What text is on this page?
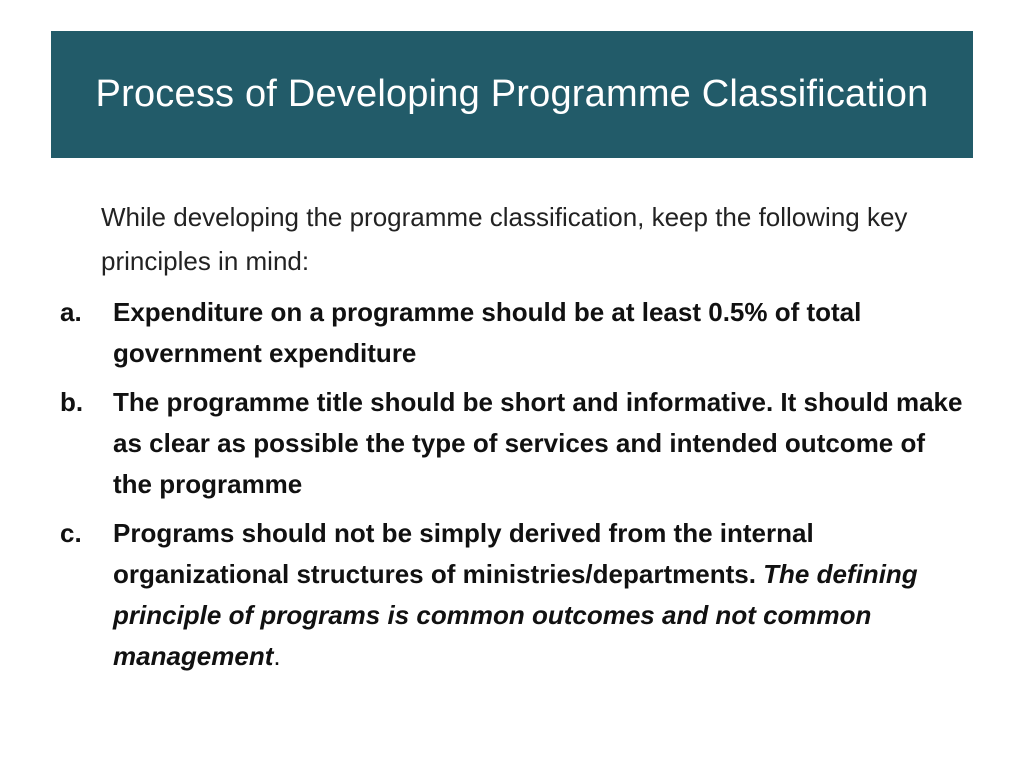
Process of Developing Programme Classification
While developing the programme classification, keep the following key principles in mind:
a.	Expenditure on a programme should be at least 0.5% of total government expenditure
b.	The programme title should be short and informative. It should make as clear as possible the type of services and intended outcome of the programme
c.	Programs should not be simply derived from the internal organizational structures of ministries/departments. The defining principle of programs is common outcomes and not common management.
